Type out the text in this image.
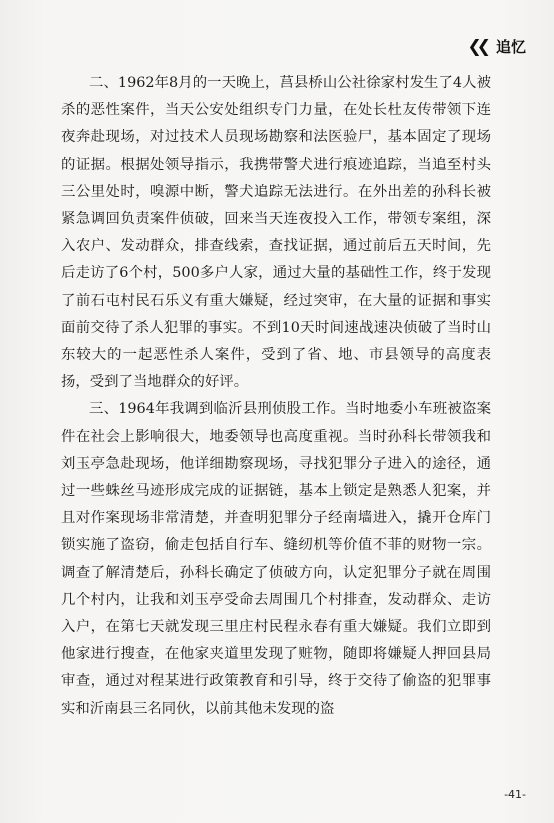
❮❮ 追忆

二、1962年8月的一天晚上，莒县桥山公社徐家村发生了4人被杀的恶性案件，当天公安处组织专门力量，在处长杜友传带领下连夜奔赴现场，对过技术人员现场勘察和法医验尸，基本固定了现场的证据。根据处领导指示，我携带警犬进行痕迹追踪，当追至村头三公里处时，嗅源中断，警犬追踪无法进行。在外出差的孙科长被紧急调回负责案件侦破，回来当天连夜投入工作，带领专案组，深入农户、发动群众，排查线索，查找证据，通过前后五天时间，先后走访了6个村，500多户人家，通过大量的基础性工作，终于发现了前石屯村民石乐义有重大嫌疑，经过突审，在大量的证据和事实面前交待了杀人犯罪的事实。不到10天时间速战速决侦破了当时山东较大的一起恶性杀人案件，受到了省、地、市县领导的高度表扬，受到了当地群众的好评。

三、1964年我调到临沂县刑侦股工作。当时地委小车班被盗案件在社会上影响很大，地委领导也高度重视。当时孙科长带领我和刘玉亭急赴现场，他详细勘察现场，寻找犯罪分子进入的途径，通过一些蛛丝马迹形成完成的证据链，基本上锁定是熟悉人犯案，并且对作案现场非常清楚，并查明犯罪分子经南墙进入，撬开仓库门锁实施了盗窃，偷走包括自行车、缝纫机等价值不菲的财物一宗。调查了解清楚后，孙科长确定了侦破方向，认定犯罪分子就在周围几个村内，让我和刘玉亭受命去周围几个村排查，发动群众、走访入户，在第七天就发现三里庄村民程永春有重大嫌疑。我们立即到他家进行搜查，在他家夹道里发现了赃物，随即将嫌疑人押回县局审查，通过对程某进行政策教育和引导，终于交待了偷盗的犯罪事实和沂南县三名同伙，以前其他未发现的盗

-41-
